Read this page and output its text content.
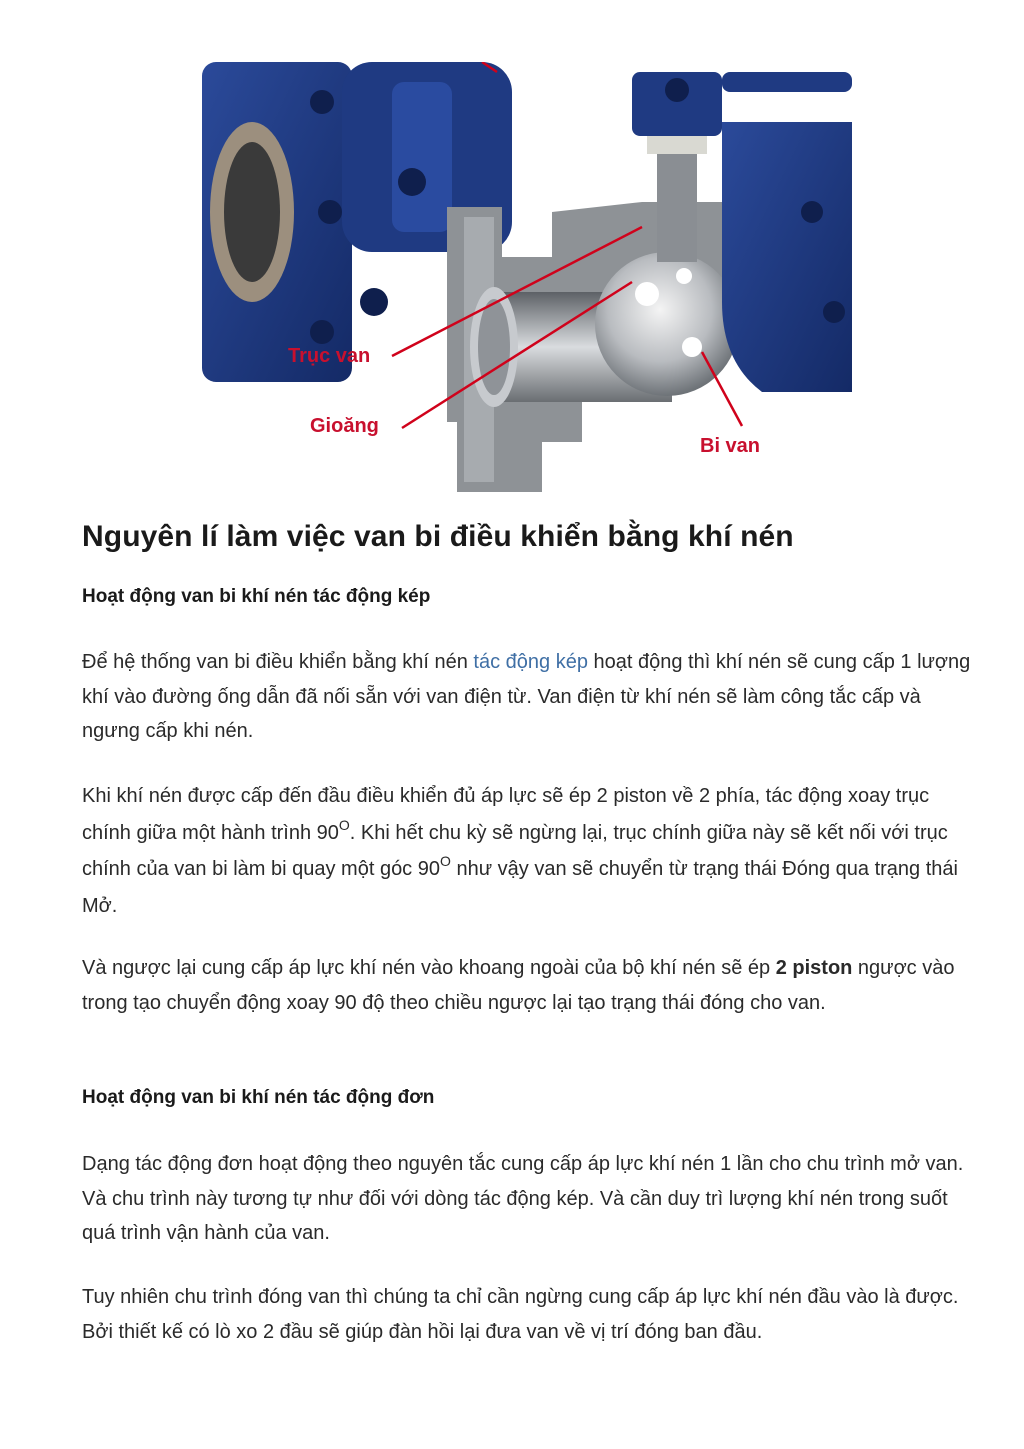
Trục van
Gioăng
Bi van
Nguyên lí làm việc van bi điều khiển bằng khí nén
Hoạt động van bi khí nén tác động kép

Để hệ thống van bi điều khiển bằng khí nén tác động kép hoạt động thì khí nén sẽ cung cấp 1 lượng khí vào đường ống dẫn đã nối sẵn với van điện từ. Van điện từ khí nén sẽ làm công tắc cấp và ngưng cấp khi nén.

Khi khí nén được cấp đến đầu điều khiển đủ áp lực sẽ ép 2 piston về 2 phía, tác động xoay trục chính giữa một hành trình $90^O$. Khi hết chu kỳ sẽ ngừng lại, trục chính giữa này sẽ kết nối với trục chính của van bi làm bi quay một góc $90^O$ như vậy van sẽ chuyển từ trạng thái Đóng qua trạng thái Mở.

Và ngược lại cung cấp áp lực khí nén vào khoang ngoài của bộ khí nén sẽ ép 2 piston ngược vào trong tạo chuyển động xoay 90 độ theo chiều ngược lại tạo trạng thái đóng cho van.

Hoạt động van bi khí nén tác động đơn

Dạng tác động đơn hoạt động theo nguyên tắc cung cấp áp lực khí nén 1 lần cho chu trình mở van. Và chu trình này tương tự như đối với dòng tác động kép. Và cần duy trì lượng khí nén trong suốt quá trình vận hành của van.

Tuy nhiên chu trình đóng van thì chúng ta chỉ cần ngừng cung cấp áp lực khí nén đầu vào là được. Bởi thiết kế có lò xo 2 đầu sẽ giúp đàn hồi lại đưa van về vị trí đóng ban đầu.
